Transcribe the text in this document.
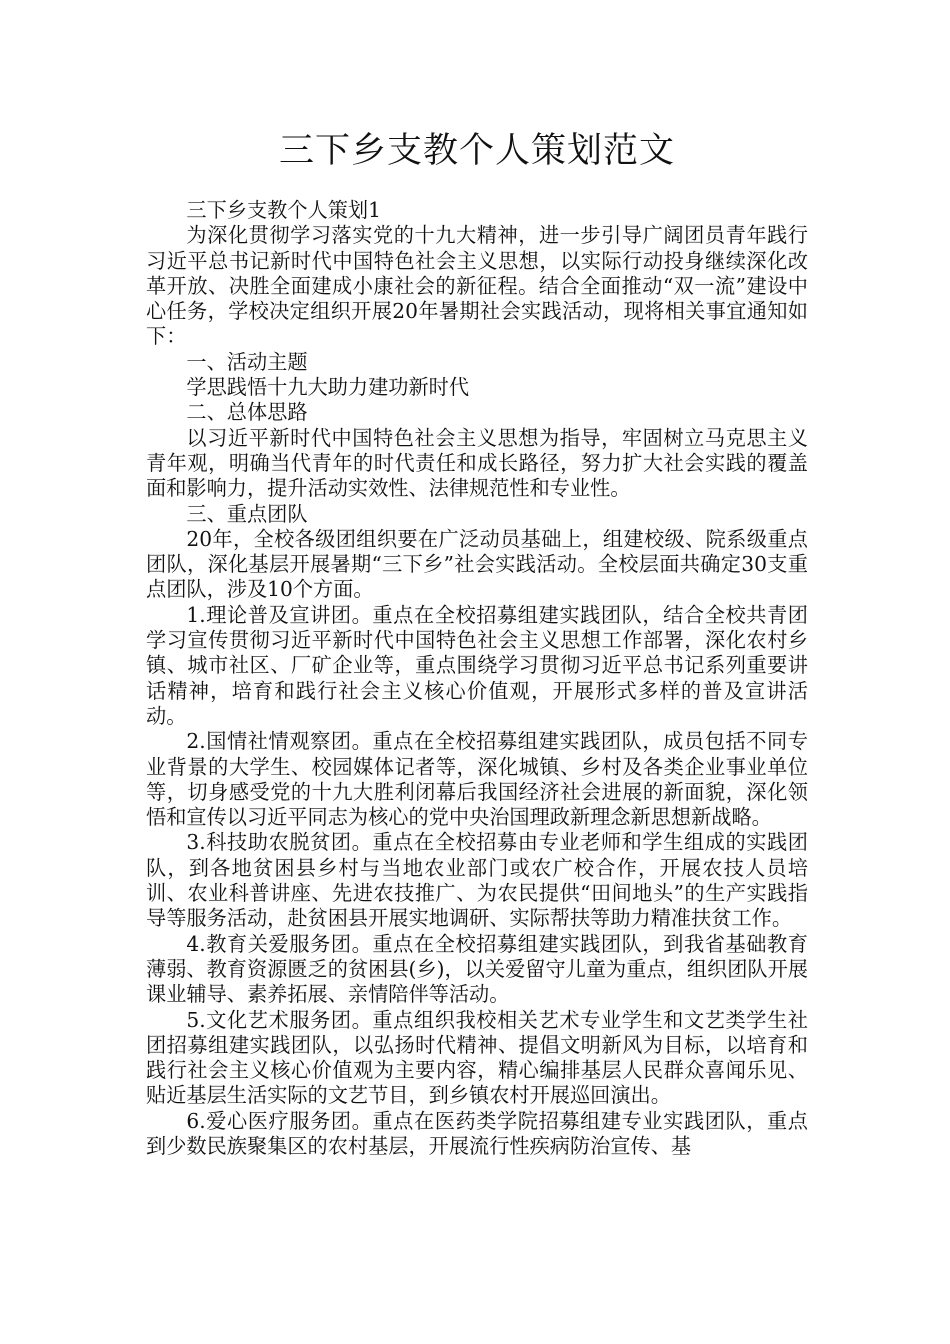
三下乡支教个人策划范文

三下乡支教个人策划1

为深化贯彻学习落实党的十九大精神，进一步引导广阔团员青年践行习近平总书记新时代中国特色社会主义思想，以实际行动投身继续深化改革开放、决胜全面建成小康社会的新征程。结合全面推动“双一流”建设中心任务，学校决定组织开展20年暑期社会实践活动，现将相关事宜通知如下：

一、活动主题

学思践悟十九大助力建功新时代

二、总体思路

以习近平新时代中国特色社会主义思想为指导，牢固树立马克思主义青年观，明确当代青年的时代责任和成长路径，努力扩大社会实践的覆盖面和影响力，提升活动实效性、法律规范性和专业性。

三、重点团队

20年，全校各级团组织要在广泛动员基础上，组建校级、院系级重点团队，深化基层开展暑期“三下乡”社会实践活动。全校层面共确定30支重点团队，涉及10个方面。

1.理论普及宣讲团。重点在全校招募组建实践团队，结合全校共青团学习宣传贯彻习近平新时代中国特色社会主义思想工作部署，深化农村乡镇、城市社区、厂矿企业等，重点围绕学习贯彻习近平总书记系列重要讲话精神，培育和践行社会主义核心价值观，开展形式多样的普及宣讲活动。

2.国情社情观察团。重点在全校招募组建实践团队，成员包括不同专业背景的大学生、校园媒体记者等，深化城镇、乡村及各类企业事业单位等，切身感受党的十九大胜利闭幕后我国经济社会进展的新面貌，深化领悟和宣传以习近平同志为核心的党中央治国理政新理念新思想新战略。

3.科技助农脱贫团。重点在全校招募由专业老师和学生组成的实践团队，到各地贫困县乡村与当地农业部门或农广校合作，开展农技人员培训、农业科普讲座、先进农技推广、为农民提供“田间地头”的生产实践指导等服务活动，赴贫困县开展实地调研、实际帮扶等助力精准扶贫工作。

4.教育关爱服务团。重点在全校招募组建实践团队，到我省基础教育薄弱、教育资源匮乏的贫困县(乡)，以关爱留守儿童为重点，组织团队开展课业辅导、素养拓展、亲情陪伴等活动。

5.文化艺术服务团。重点组织我校相关艺术专业学生和文艺类学生社团招募组建实践团队，以弘扬时代精神、提倡文明新风为目标，以培育和践行社会主义核心价值观为主要内容，精心编排基层人民群众喜闻乐见、贴近基层生活实际的文艺节目，到乡镇农村开展巡回演出。

6.爱心医疗服务团。重点在医药类学院招募组建专业实践团队，重点到少数民族聚集区的农村基层，开展流行性疾病防治宣传、基
